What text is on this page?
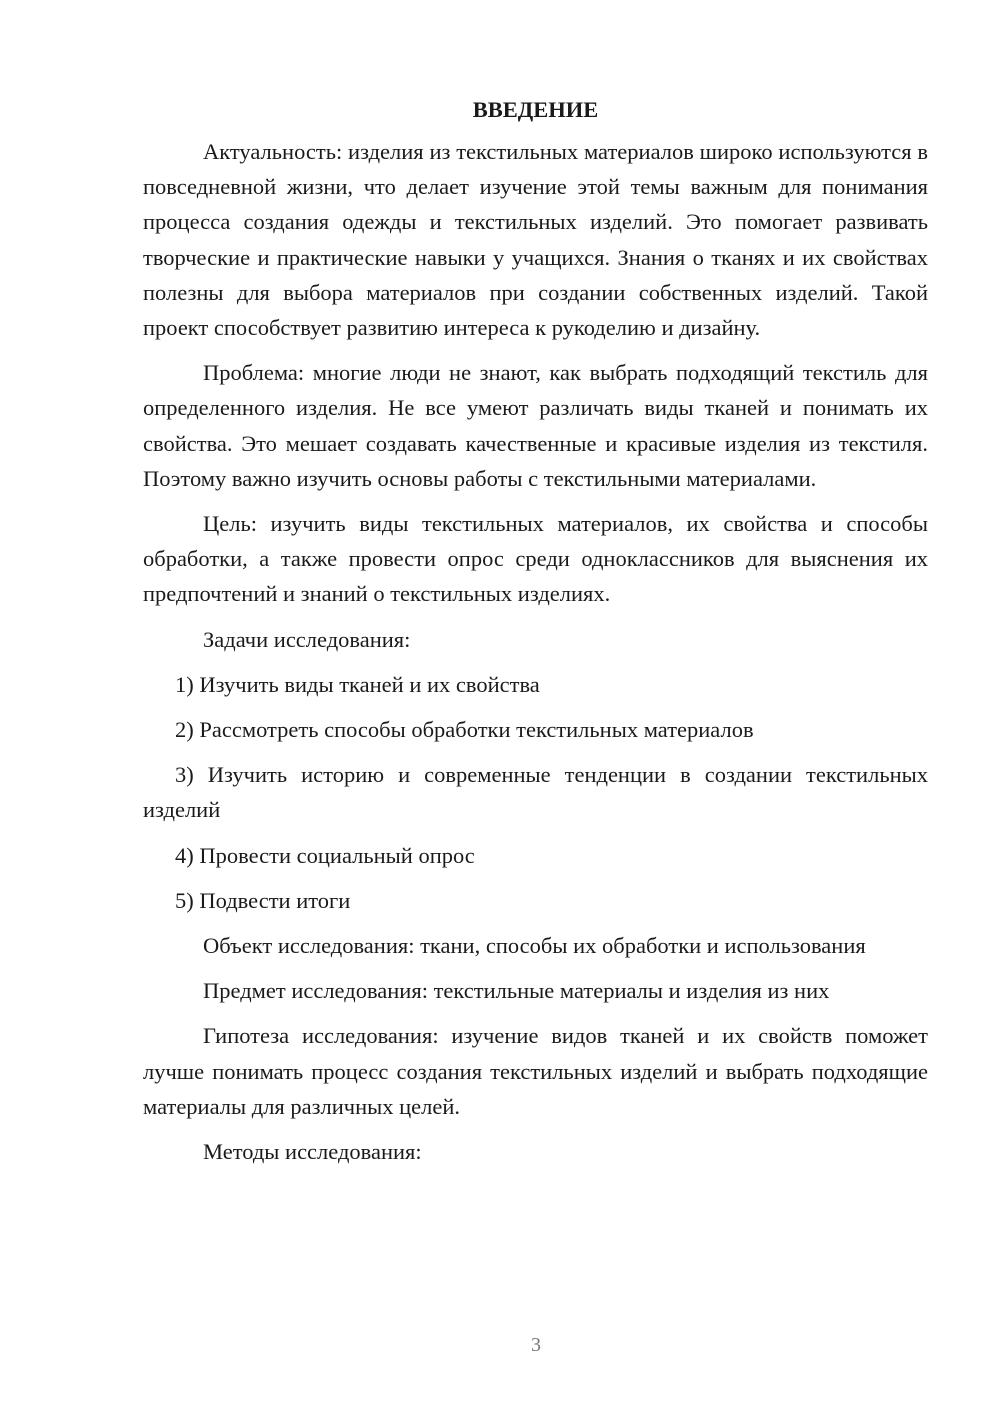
ВВЕДЕНИЕ

Актуальность: изделия из текстильных материалов широко используются в повседневной жизни, что делает изучение этой темы важным для понимания процесса создания одежды и текстильных изделий. Это помогает развивать творческие и практические навыки у учащихся. Знания о тканях и их свойствах полезны для выбора материалов при создании собственных изделий. Такой проект способствует развитию интереса к рукоделию и дизайну.

Проблема: многие люди не знают, как выбрать подходящий текстиль для определенного изделия. Не все умеют различать виды тканей и понимать их свойства. Это мешает создавать качественные и красивые изделия из текстиля. Поэтому важно изучить основы работы с текстильными материалами.

Цель: изучить виды текстильных материалов, их свойства и способы обработки, а также провести опрос среди одноклассников для выяснения их предпочтений и знаний о текстильных изделиях.

Задачи исследования:

1) Изучить виды тканей и их свойства

2) Рассмотреть способы обработки текстильных материалов

3) Изучить историю и современные тенденции в создании текстильных изделий

4) Провести социальный опрос

5) Подвести итоги

Объект исследования: ткани, способы их обработки и использования

Предмет исследования: текстильные материалы и изделия из них

Гипотеза исследования: изучение видов тканей и их свойств поможет лучше понимать процесс создания текстильных изделий и выбрать подходящие материалы для различных целей.

Методы исследования:

3
